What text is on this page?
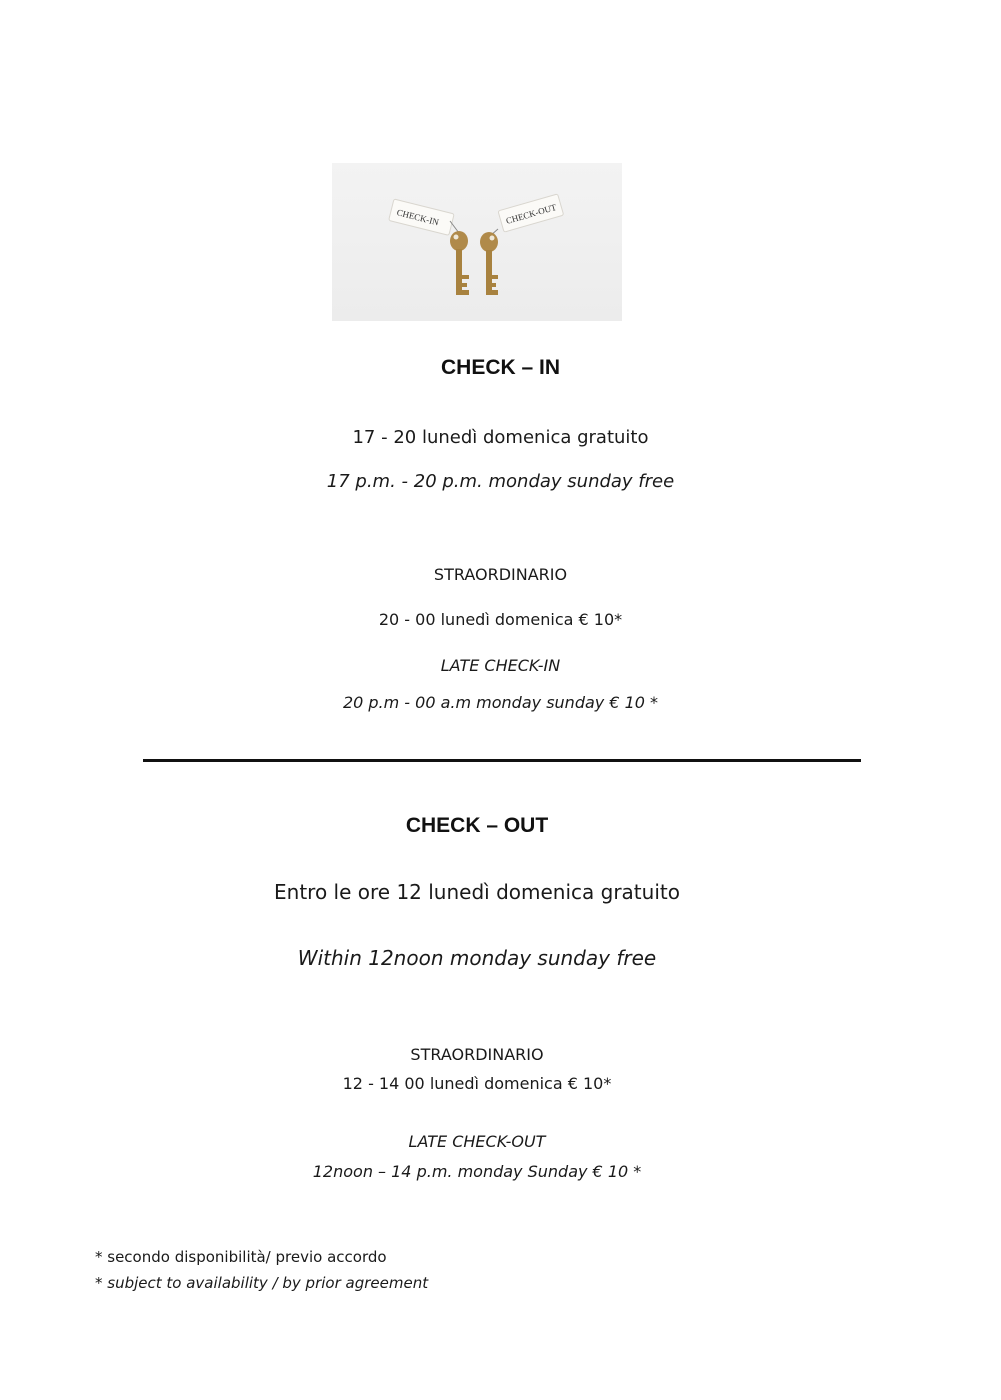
CHECK-IN	CHECK-OUT
CHECK – IN
17 - 20 lunedì domenica gratuito
17 p.m. - 20 p.m. monday sunday free
STRAORDINARIO
20 - 00 lunedì domenica € 10*
LATE CHECK-IN
20 p.m - 00 a.m monday sunday € 10 *
CHECK – OUT
Entro le ore 12 lunedì domenica gratuito
Within 12noon monday sunday free
STRAORDINARIO
12 - 14 00 lunedì domenica € 10*
LATE CHECK-OUT
12noon – 14 p.m. monday Sunday € 10 *
* secondo disponibilità/ previo accordo
* subject to availability / by prior agreement
